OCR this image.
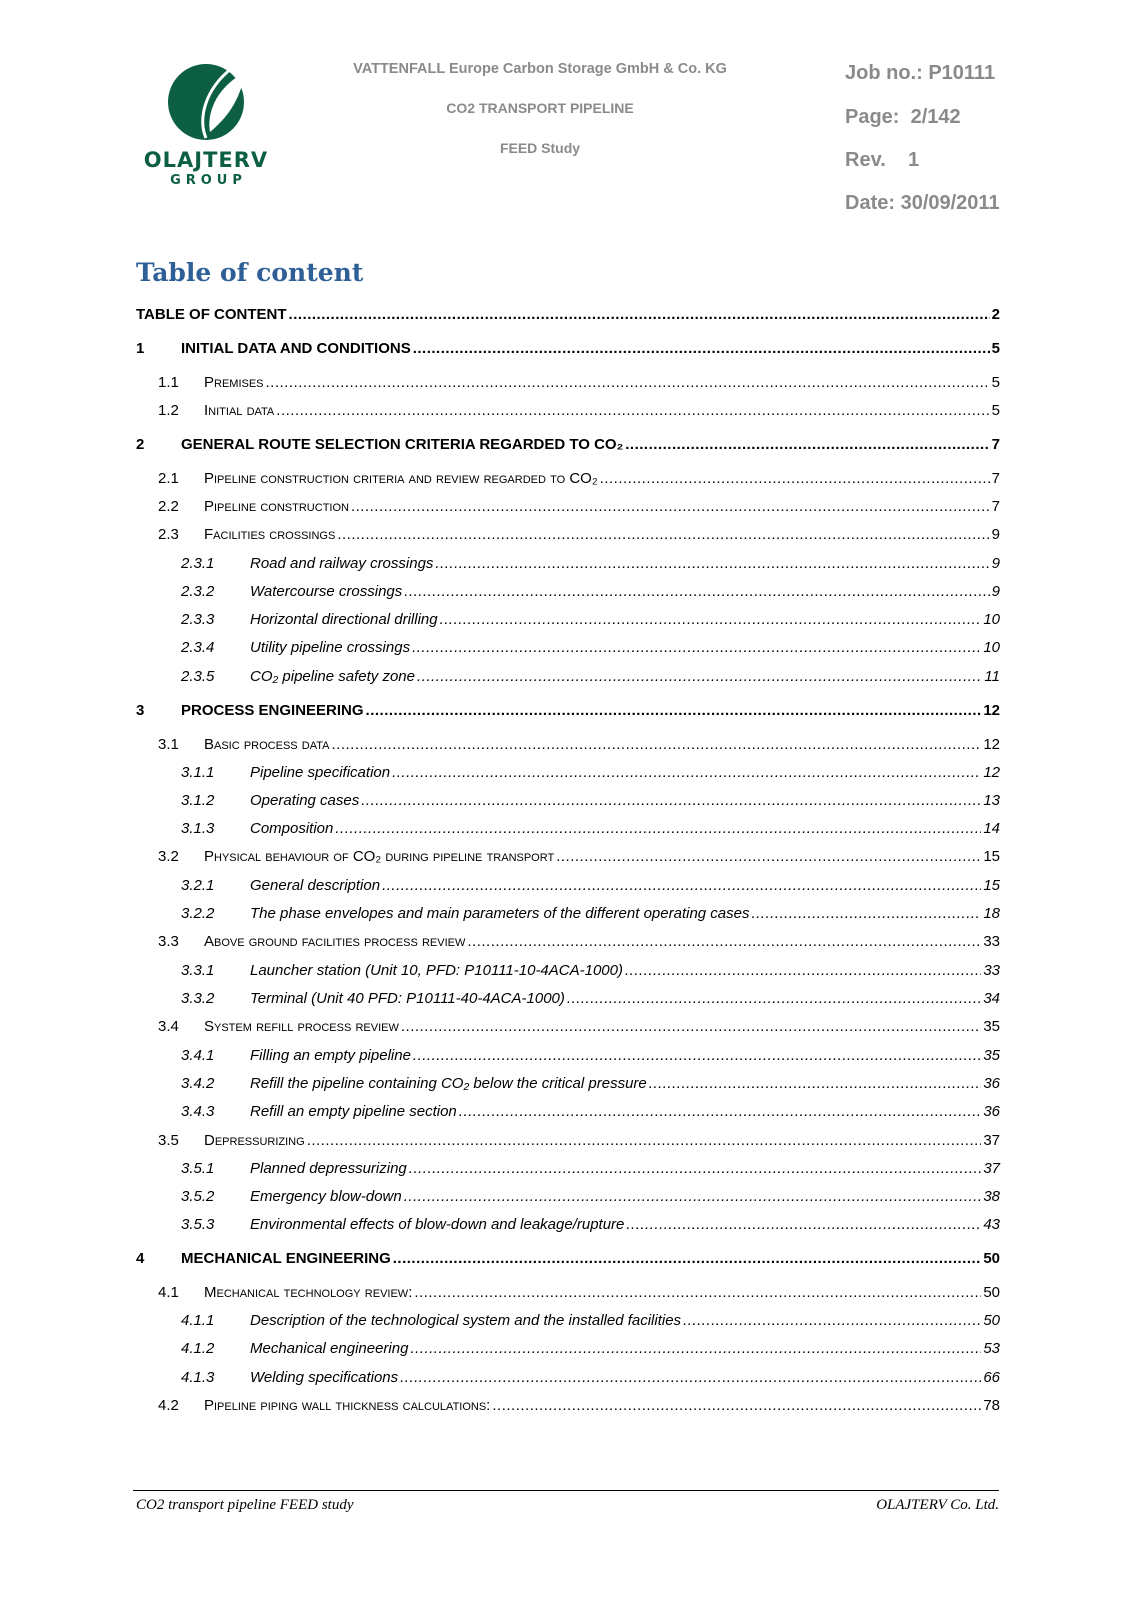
OLAJTERV
GROUP
VATTENFALL Europe Carbon Storage GmbH & Co. KG
CO2 TRANSPORT PIPELINE
FEED Study
Job no.: P10111
Page:  2/142
Rev.    1
Date: 30/09/2011
Table of content
TABLE OF CONTENT .....	2
1 INITIAL DATA AND CONDITIONS .....	5
1.1 Premises .....	5
1.2 Initial data .....	5
2 GENERAL ROUTE SELECTION CRITERIA REGARDED TO CO₂ .....	7
2.1 Pipeline construction criteria and review regarded to CO₂ .....	7
2.2 Pipeline construction .....	7
2.3 Facilities crossings .....	9
2.3.1 Road and railway crossings .....	9
2.3.2 Watercourse crossings .....	9
2.3.3 Horizontal directional drilling .....	10
2.3.4 Utility pipeline crossings .....	10
2.3.5 CO₂ pipeline safety zone .....	11
3 PROCESS ENGINEERING .....	12
3.1 Basic process data .....	12
3.1.1 Pipeline specification .....	12
3.1.2 Operating cases .....	13
3.1.3 Composition .....	14
3.2 Physical behaviour of CO₂ during pipeline transport .....	15
3.2.1 General description .....	15
3.2.2 The phase envelopes and main parameters of the different operating cases .....	18
3.3 Above ground facilities process review .....	33
3.3.1 Launcher station (Unit 10, PFD: P10111-10-4ACA-1000) .....	33
3.3.2 Terminal (Unit 40 PFD: P10111-40-4ACA-1000) .....	34
3.4 System refill process review .....	35
3.4.1 Filling an empty pipeline .....	35
3.4.2 Refill the pipeline containing CO₂ below the critical pressure .....	36
3.4.3 Refill an empty pipeline section .....	36
3.5 Depressurizing .....	37
3.5.1 Planned depressurizing .....	37
3.5.2 Emergency blow-down .....	38
3.5.3 Environmental effects of blow-down and leakage/rupture .....	43
4 MECHANICAL ENGINEERING .....	50
4.1 Mechanical technology review: .....	50
4.1.1 Description of the technological system and the installed facilities .....	50
4.1.2 Mechanical engineering .....	53
4.1.3 Welding specifications .....	66
4.2 Pipeline piping wall thickness calculations: .....	78
CO2 transport pipeline FEED study	OLAJTERV Co. Ltd.
